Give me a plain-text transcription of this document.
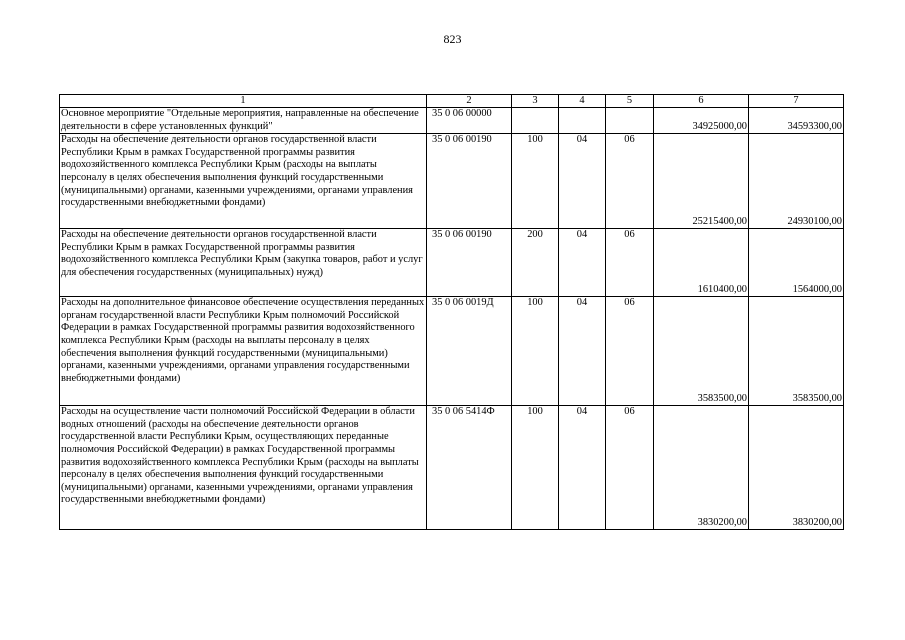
823
1	2	3	4	5	6	7
Основное мероприятие "Отдельные мероприятия, направленные на обеспечение деятельности в сфере установленных функций"	35 0 06 00000				34925000,00	34593300,00
Расходы на обеспечение деятельности органов государственной власти Республики Крым в рамках Государственной программы развития водохозяйственного комплекса Республики Крым (расходы на выплаты персоналу в целях обеспечения выполнения функций государственными (муниципальными) органами, казенными учреждениями, органами управления государственными внебюджетными фондами)	35 0 06 00190	100	04	06	25215400,00	24930100,00
Расходы на обеспечение деятельности органов государственной власти Республики Крым в рамках Государственной программы развития водохозяйственного комплекса Республики Крым (закупка товаров, работ и услуг для обеспечения государственных (муниципальных) нужд)	35 0 06 00190	200	04	06	1610400,00	1564000,00
Расходы на дополнительное финансовое обеспечение осуществления переданных органам государственной власти Республики Крым полномочий Российской Федерации в рамках Государственной программы развития водохозяйственного комплекса Республики Крым (расходы на выплаты персоналу в целях обеспечения выполнения функций государственными (муниципальными) органами, казенными учреждениями, органами управления государственными внебюджетными фондами)	35 0 06 0019Д	100	04	06	3583500,00	3583500,00
Расходы на осуществление части полномочий Российской Федерации в области водных отношений (расходы на обеспечение деятельности органов государственной власти Республики Крым, осуществляющих переданные полномочия Российской Федерации) в рамках Государственной программы развития водохозяйственного комплекса Республики Крым (расходы на выплаты персоналу в целях обеспечения выполнения функций государственными (муниципальными) органами, казенными учреждениями, органами управления государственными внебюджетными фондами)	35 0 06 5414Ф	100	04	06	3830200,00	3830200,00
